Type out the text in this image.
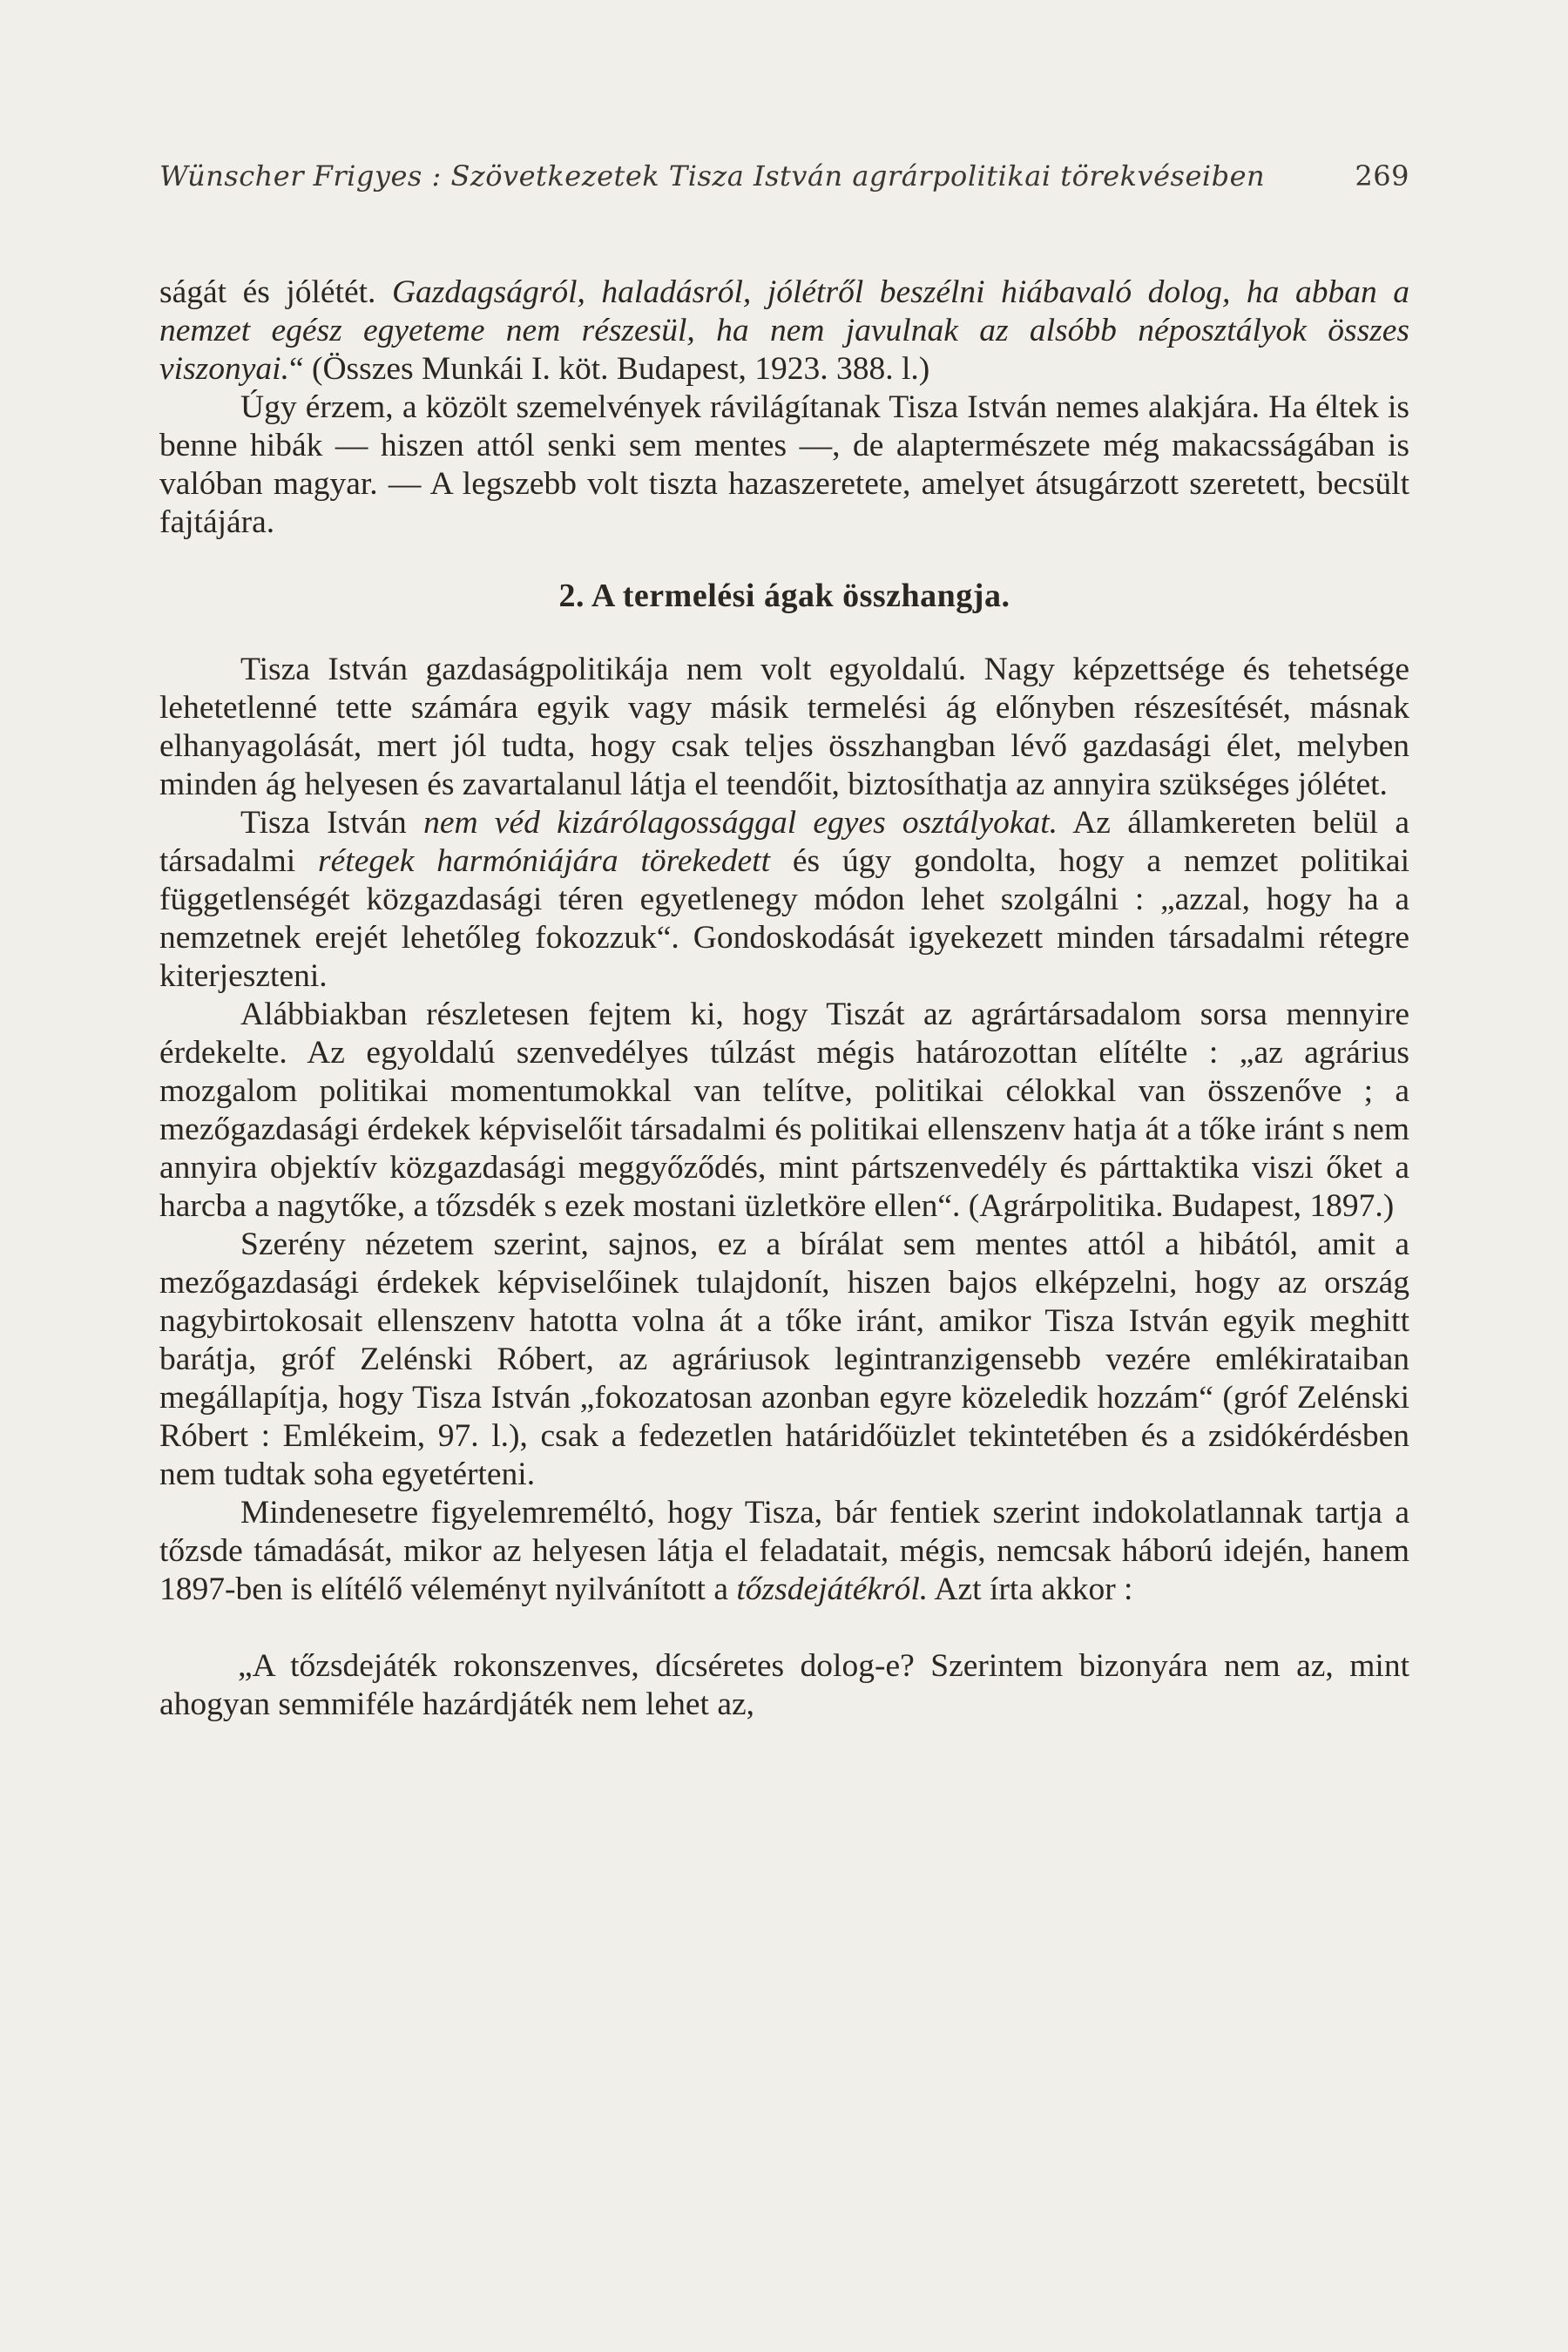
Wünscher Frigyes : Szövetkezetek Tisza István agrárpolitikai törekvéseiben	269

ságát és jólétét. Gazdagságról, haladásról, jólétről beszélni hiábavaló dolog, ha abban a nemzet egész egyeteme nem részesül, ha nem javulnak az alsóbb néposztályok összes viszonyai.“ (Összes Munkái I. köt. Budapest, 1923. 388. l.)

Úgy érzem, a közölt szemelvények rávilágítanak Tisza István nemes alakjára. Ha éltek is benne hibák — hiszen attól senki sem mentes —, de alaptermészete még makacsságában is valóban magyar. — A legszebb volt tiszta hazaszeretete, amelyet átsugárzott szeretett, becsült fajtájára.

2. A termelési ágak összhangja.

Tisza István gazdaságpolitikája nem volt egyoldalú. Nagy képzettsége és tehetsége lehetetlenné tette számára egyik vagy másik termelési ág előnyben részesítését, másnak elhanyagolását, mert jól tudta, hogy csak teljes összhangban lévő gazdasági élet, melyben minden ág helyesen és zavartalanul látja el teendőit, biztosíthatja az annyira szükséges jólétet.

Tisza István nem véd kizárólagossággal egyes osztályokat. Az államkereten belül a társadalmi rétegek harmóniájára törekedett és úgy gondolta, hogy a nemzet politikai függetlenségét közgazdasági téren egyetlenegy módon lehet szolgálni : „azzal, hogy ha a nemzetnek erejét lehetőleg fokozzuk“. Gondoskodását igyekezett minden társadalmi rétegre kiterjeszteni.

Alábbiakban részletesen fejtem ki, hogy Tiszát az agrártársadalom sorsa mennyire érdekelte. Az egyoldalú szenvedélyes túlzást mégis határozottan elítélte : „az agrárius mozgalom politikai momentumokkal van telítve, politikai célokkal van összenőve ; a mezőgazdasági érdekek képviselőit társadalmi és politikai ellenszenv hatja át a tőke iránt s nem annyira objektív közgazdasági meggyőződés, mint pártszenvedély és párttaktika viszi őket a harcba a nagytőke, a tőzsdék s ezek mostani üzletköre ellen“. (Agrárpolitika. Budapest, 1897.)

Szerény nézetem szerint, sajnos, ez a bírálat sem mentes attól a hibától, amit a mezőgazdasági érdekek képviselőinek tulajdonít, hiszen bajos elképzelni, hogy az ország nagybirtokosait ellenszenv hatotta volna át a tőke iránt, amikor Tisza István egyik meghitt barátja, gróf Zelénski Róbert, az agráriusok legintranzigensebb vezére emlékirataiban megállapítja, hogy Tisza István „fokozatosan azonban egyre közeledik hozzám“ (gróf Zelénski Róbert : Emlékeim, 97. l.), csak a fedezetlen határidőüzlet tekintetében és a zsidókérdésben nem tudtak soha egyetérteni.

Mindenesetre figyelemreméltó, hogy Tisza, bár fentiek szerint indokolatlannak tartja a tőzsde támadását, mikor az helyesen látja el feladatait, mégis, nemcsak háború idején, hanem 1897-ben is elítélő véleményt nyilvánított a tőzsdejátékról. Azt írta akkor :

„A tőzsdejáték rokonszenves, dícséretes dolog-e? Szerintem bizonyára nem az, mint ahogyan semmiféle hazárdjáték nem lehet az,
